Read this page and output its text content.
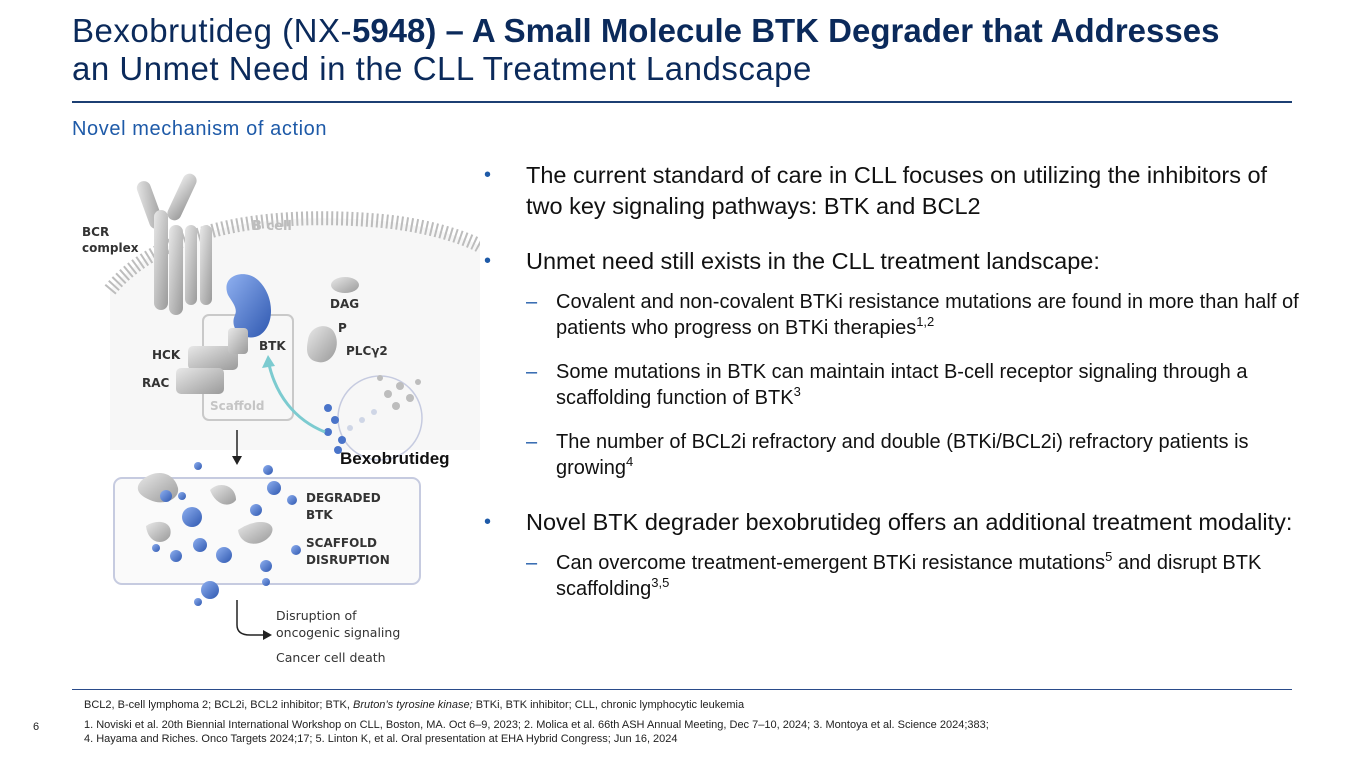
Bexobrutideg (NX-5948) – A Small Molecule BTK Degrader that Addresses
an Unmet Need in the CLL Treatment Landscape
Novel mechanism of action
BCR
complex
B cell
Scaffold
BTK
HCK
RAC
DAG
P
PLCγ2
Bexobrutideg
DEGRADED
BTK
SCAFFOLD
DISRUPTION
Disruption of
oncogenic signaling
Cancer cell death
• The current standard of care in CLL focuses on utilizing the inhibitors of two key signaling pathways: BTK and BCL2
• Unmet need still exists in the CLL treatment landscape:
– Covalent and non-covalent BTKi resistance mutations are found in more than half of patients who progress on BTKi therapies$^{1,2}$
– Some mutations in BTK can maintain intact B-cell receptor signaling through a scaffolding function of BTK$^3$
– The number of BCL2i refractory and double (BTKi/BCL2i) refractory patients is growing$^4$
• Novel BTK degrader bexobrutideg offers an additional treatment modality:
– Can overcome treatment-emergent BTKi resistance mutations$^5$ and disrupt BTK scaffolding$^{3,5}$
BCL2, B-cell lymphoma 2; BCL2i, BCL2 inhibitor; BTK, Bruton’s tyrosine kinase; BTKi, BTK inhibitor; CLL, chronic lymphocytic leukemia
1. Noviski et al. 20th Biennial International Workshop on CLL, Boston, MA. Oct 6–9, 2023; 2. Molica et al. 66th ASH Annual Meeting, Dec 7–10, 2024; 3. Montoya et al. Science 2024;383;
4. Hayama and Riches. Onco Targets 2024;17; 5. Linton K, et al. Oral presentation at EHA Hybrid Congress; Jun 16, 2024
6
